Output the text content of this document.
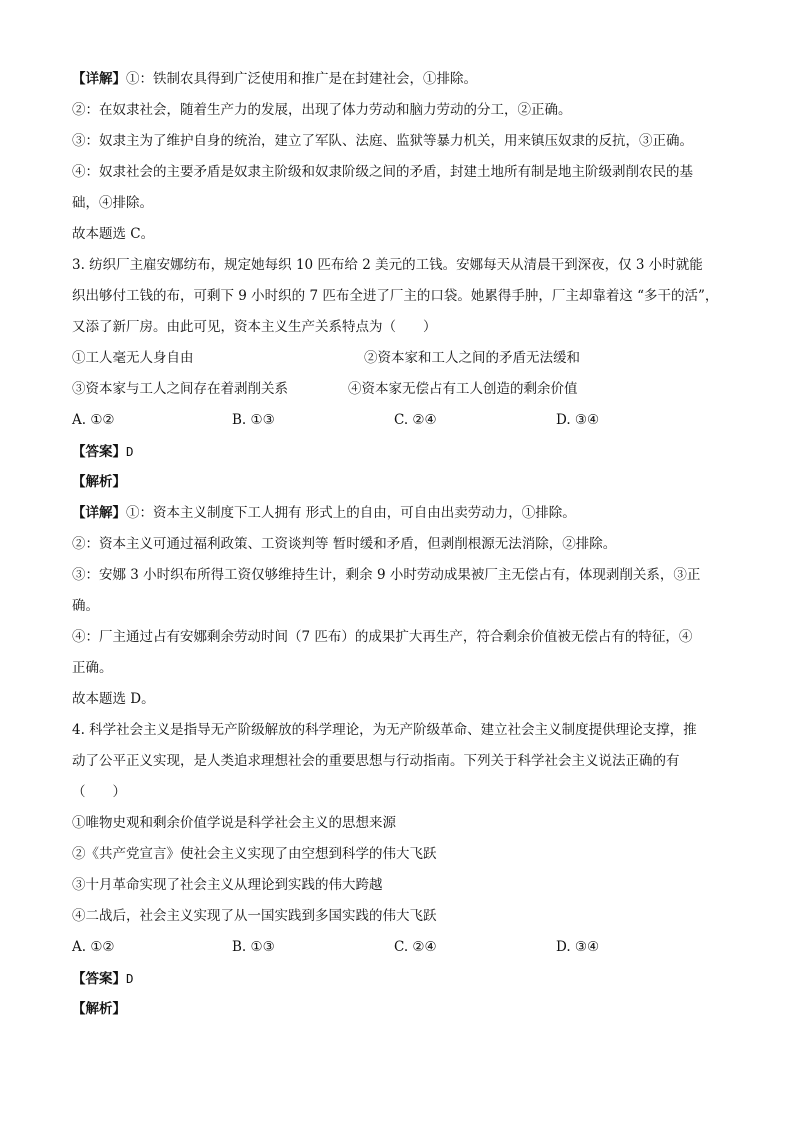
【详解】①：铁制农具得到广泛使用和推广是在封建社会，①排除。
②：在奴隶社会，随着生产力的发展，出现了体力劳动和脑力劳动的分工，②正确。
③：奴隶主为了维护自身的统治，建立了军队、法庭、监狱等暴力机关，用来镇压奴隶的反抗，③正确。
④：奴隶社会的主要矛盾是奴隶主阶级和奴隶阶级之间的矛盾，封建土地所有制是地主阶级剥削农民的基
础，④排除。
故本题选 C。
3. 纺织厂主雇安娜纺布，规定她每织 10 匹布给 2 美元的工钱。安娜每天从清晨干到深夜，仅 3 小时就能
织出够付工钱的布，可剩下 9 小时织的 7 匹布全进了厂主的口袋。她累得手肿，厂主却靠着这 “多干的活”，
又添了新厂房。由此可见，资本主义生产关系特点为（　　）
①工人毫无人身自由	②资本家和工人之间的矛盾无法缓和
③资本家与工人之间存在着剥削关系	④资本家无偿占有工人创造的剩余价值
A. ①②	B. ①③	C. ②④	D. ③④
【答案】D
【解析】
【详解】①：资本主义制度下工人拥有 形式上的自由，可自由出卖劳动力，①排除。
②：资本主义可通过福利政策、工资谈判等 暂时缓和矛盾，但剥削根源无法消除，②排除。
③：安娜 3 小时织布所得工资仅够维持生计，剩余 9 小时劳动成果被厂主无偿占有，体现剥削关系，③正
确。
④：厂主通过占有安娜剩余劳动时间（7 匹布）的成果扩大再生产，符合剩余价值被无偿占有的特征，④
正确。
故本题选 D。
4. 科学社会主义是指导无产阶级解放的科学理论，为无产阶级革命、建立社会主义制度提供理论支撑，推
动了公平正义实现，是人类追求理想社会的重要思想与行动指南。下列关于科学社会主义说法正确的有
（　　）
①唯物史观和剩余价值学说是科学社会主义的思想来源
②《共产党宣言》使社会主义实现了由空想到科学的伟大飞跃
③十月革命实现了社会主义从理论到实践的伟大跨越
④二战后，社会主义实现了从一国实践到多国实践的伟大飞跃
A. ①②	B. ①③	C. ②④	D. ③④
【答案】D
【解析】
